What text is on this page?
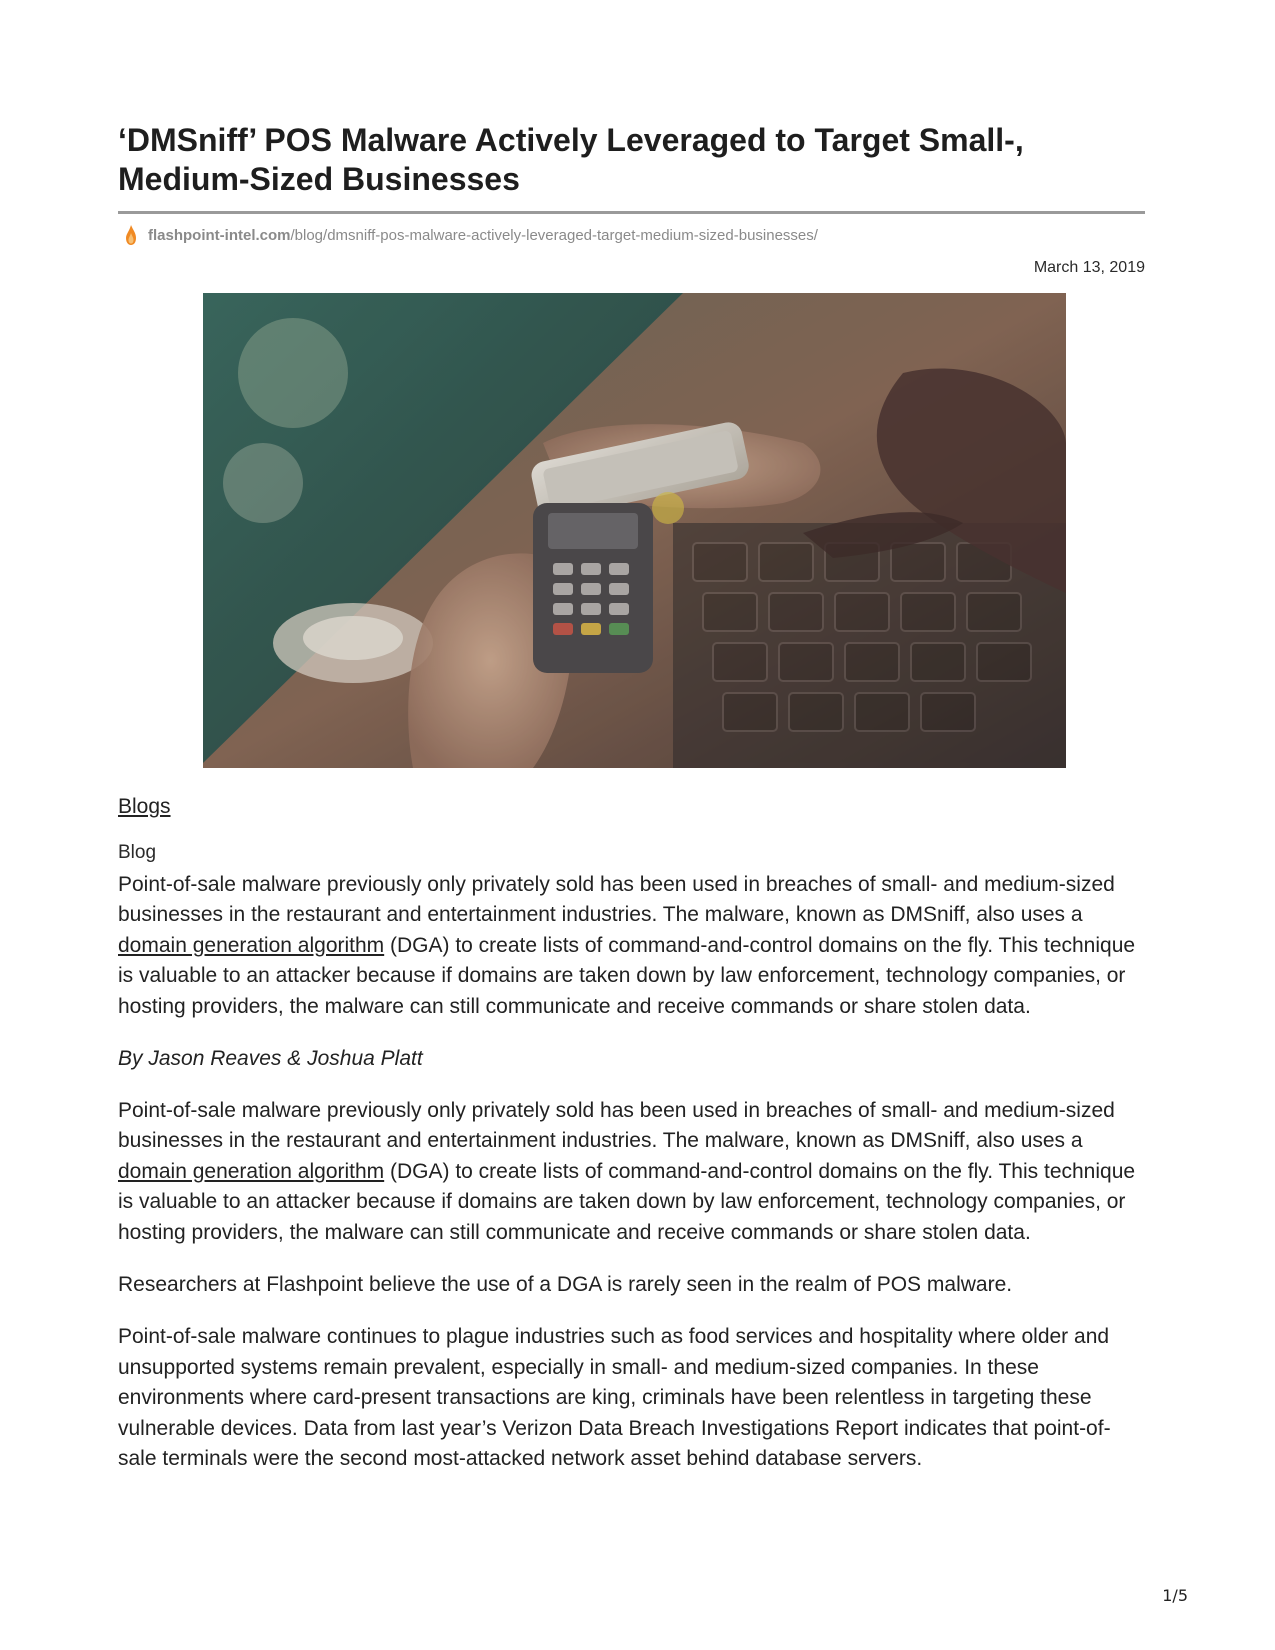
‘DMSniff’ POS Malware Actively Leveraged to Target Small-, Medium-Sized Businesses
flashpoint-intel.com /blog/dmsniff-pos-malware-actively-leveraged-target-medium-sized-businesses/
March 13, 2019
Blogs
Blog

Point-of-sale malware previously only privately sold has been used in breaches of small- and medium-sized businesses in the restaurant and entertainment industries. The malware, known as DMSniff, also uses a domain generation algorithm (DGA) to create lists of command-and-control domains on the fly. This technique is valuable to an attacker because if domains are taken down by law enforcement, technology companies, or hosting providers, the malware can still communicate and receive commands or share stolen data.

By Jason Reaves & Joshua Platt

Point-of-sale malware previously only privately sold has been used in breaches of small- and medium-sized businesses in the restaurant and entertainment industries. The malware, known as DMSniff, also uses a domain generation algorithm (DGA) to create lists of command-and-control domains on the fly. This technique is valuable to an attacker because if domains are taken down by law enforcement, technology companies, or hosting providers, the malware can still communicate and receive commands or share stolen data.

Researchers at Flashpoint believe the use of a DGA is rarely seen in the realm of POS malware.

Point-of-sale malware continues to plague industries such as food services and hospitality where older and unsupported systems remain prevalent, especially in small- and medium-sized companies. In these environments where card-present transactions are king, criminals have been relentless in targeting these vulnerable devices. Data from last year’s Verizon Data Breach Investigations Report indicates that point-of-sale terminals were the second most-attacked network asset behind database servers.

1/5
